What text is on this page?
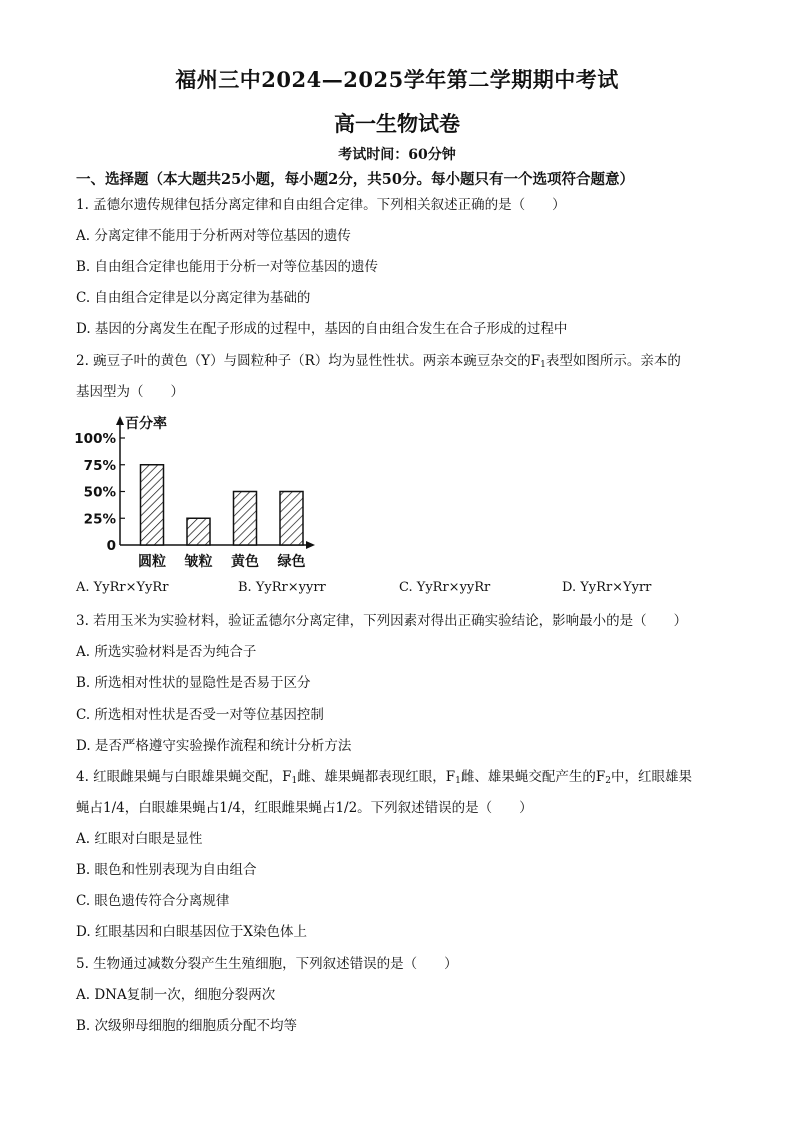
福州三中2024—2025学年第二学期期中考试
高一生物试卷
考试时间：60分钟
一、选择题（本大题共25小题，每小题2分，共50分。每小题只有一个选项符合题意）
1. 孟德尔遗传规律包括分离定律和自由组合定律。下列相关叙述正确的是（　　）
A. 分离定律不能用于分析两对等位基因的遗传
B. 自由组合定律也能用于分析一对等位基因的遗传
C. 自由组合定律是以分离定律为基础的
D. 基因的分离发生在配子形成的过程中，基因的自由组合发生在合子形成的过程中
2. 豌豆子叶的黄色（Y）与圆粒种子（R）均为显性性状。两亲本豌豆杂交的$F_1$表型如图所示。亲本的
基因型为（　　）
百分率
0
25%
50%
75%
100%
圆粒 皱粒 黄色 绿色
A. YyRr×YyRr	B. YyRr×yyrr	C. YyRr×yyRr	D. YyRr×Yyrr
3. 若用玉米为实验材料，验证孟德尔分离定律，下列因素对得出正确实验结论，影响最小的是（　　）
A. 所选实验材料是否为纯合子
B. 所选相对性状的显隐性是否易于区分
C. 所选相对性状是否受一对等位基因控制
D. 是否严格遵守实验操作流程和统计分析方法
4. 红眼雌果蝇与白眼雄果蝇交配，$F_1$雌、雄果蝇都表现红眼，$F_1$雌、雄果蝇交配产生的$F_2$中，红眼雄果
蝇占1/4，白眼雄果蝇占1/4，红眼雌果蝇占1/2。下列叙述错误的是（　　）
A. 红眼对白眼是显性
B. 眼色和性别表现为自由组合
C. 眼色遗传符合分离规律
D. 红眼基因和白眼基因位于X染色体上
5. 生物通过减数分裂产生生殖细胞，下列叙述错误的是（　　）
A. DNA复制一次，细胞分裂两次
B. 次级卵母细胞的细胞质分配不均等
